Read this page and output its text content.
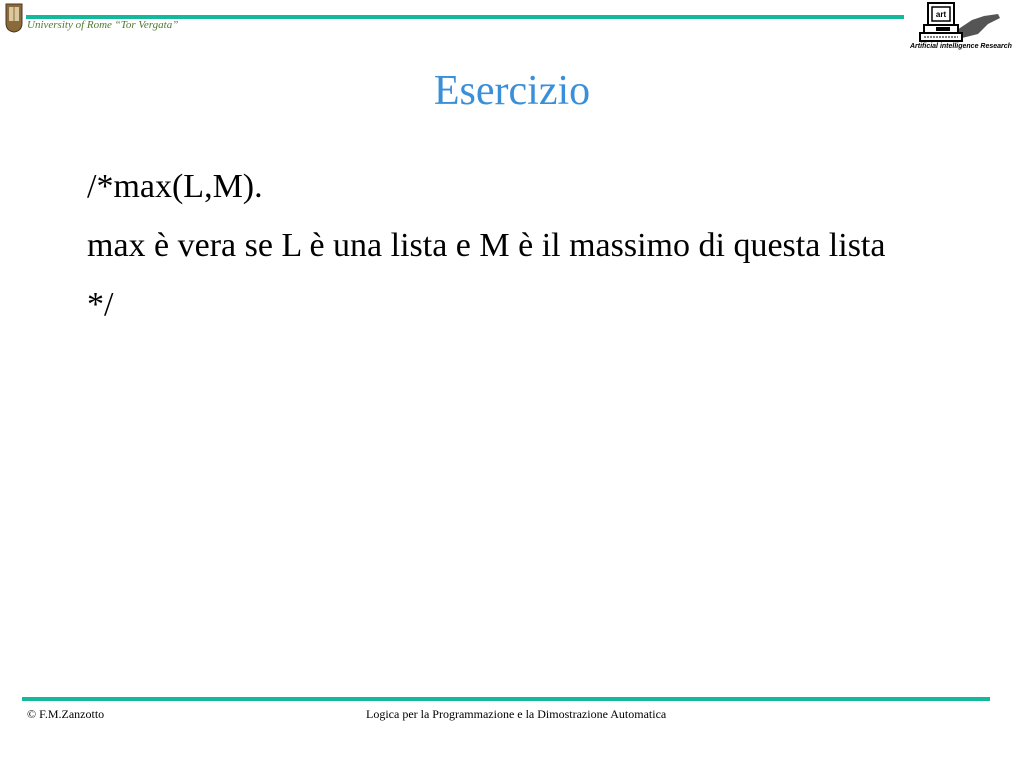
University of Rome “Tor Vergata”
art
Artificial intelligence Research
Esercizio

/*max(L,M).

max è vera se L è una lista e M è il massimo di questa lista

*/

© F.M.Zanzotto	Logica per la Programmazione e la Dimostrazione Automatica
